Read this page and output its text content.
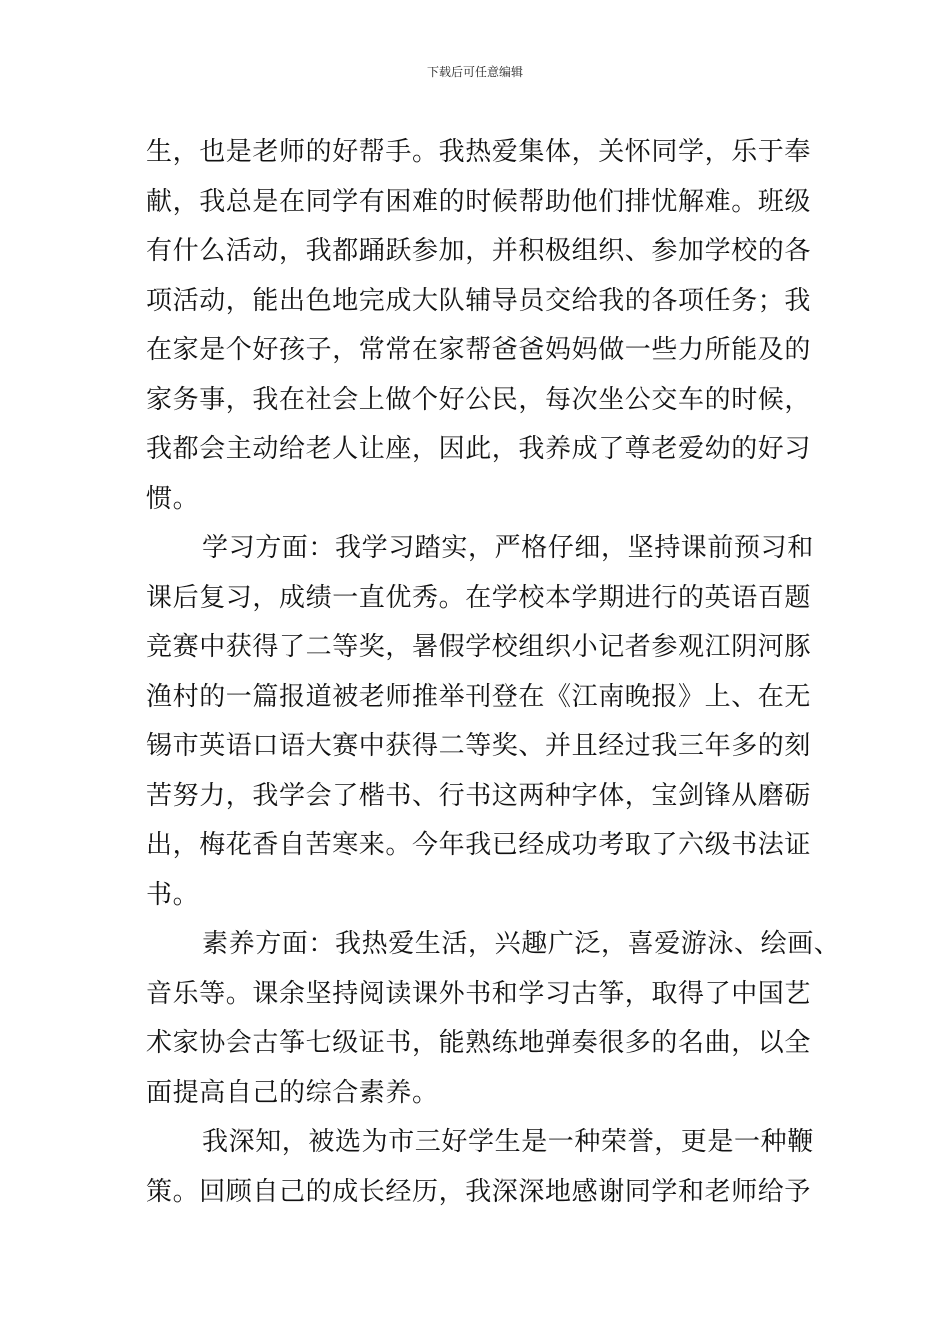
下载后可任意编辑
生，也是老师的好帮手。我热爱集体，关怀同学，乐于奉
献，我总是在同学有困难的时候帮助他们排忧解难。班级
有什么活动，我都踊跃参加，并积极组织、参加学校的各
项活动，能出色地完成大队辅导员交给我的各项任务；我
在家是个好孩子，常常在家帮爸爸妈妈做一些力所能及的
家务事，我在社会上做个好公民，每次坐公交车的时候，
我都会主动给老人让座，因此，我养成了尊老爱幼的好习
惯。
学习方面：我学习踏实，严格仔细，坚持课前预习和
课后复习，成绩一直优秀。在学校本学期进行的英语百题
竞赛中获得了二等奖，暑假学校组织小记者参观江阴河豚
渔村的一篇报道被老师推举刊登在《江南晚报》上、在无
锡市英语口语大赛中获得二等奖、并且经过我三年多的刻
苦努力，我学会了楷书、行书这两种字体，宝剑锋从磨砺
出，梅花香自苦寒来。今年我已经成功考取了六级书法证
书。
素养方面：我热爱生活，兴趣广泛，喜爱游泳、绘画、
音乐等。课余坚持阅读课外书和学习古筝，取得了中国艺
术家协会古筝七级证书，能熟练地弹奏很多的名曲，以全
面提高自己的综合素养。
我深知，被选为市三好学生是一种荣誉，更是一种鞭
策。回顾自己的成长经历，我深深地感谢同学和老师给予
